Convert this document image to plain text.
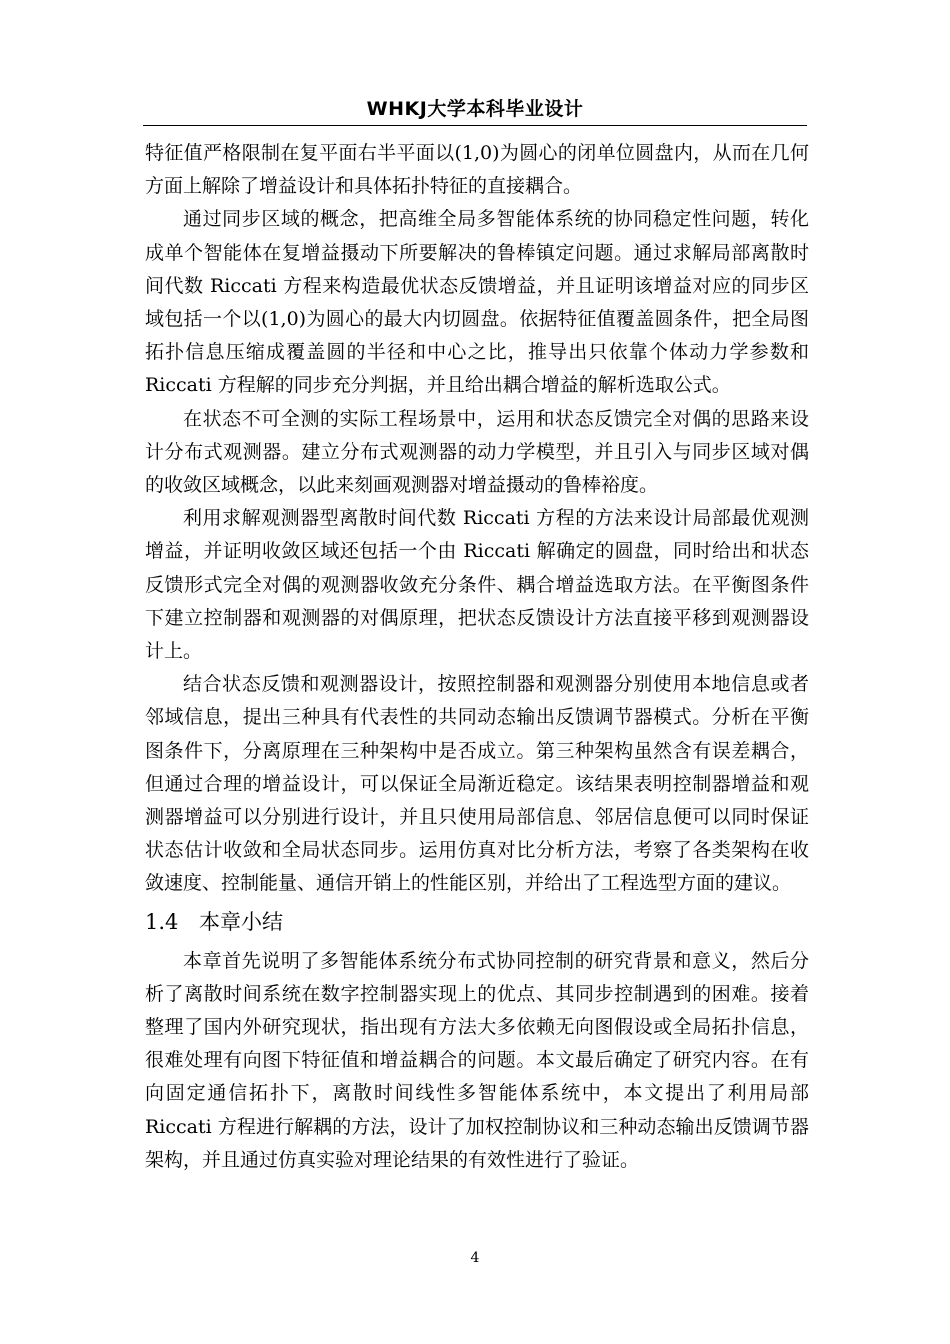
WHKJ大学本科毕业设计

特征值严格限制在复平面右半平面以(1,0)为圆心的闭单位圆盘内，从而在几何方面上解除了增益设计和具体拓扑特征的直接耦合。

通过同步区域的概念，把高维全局多智能体系统的协同稳定性问题，转化成单个智能体在复增益摄动下所要解决的鲁棒镇定问题。通过求解局部离散时间代数 Riccati 方程来构造最优状态反馈增益，并且证明该增益对应的同步区域包括一个以(1,0)为圆心的最大内切圆盘。依据特征值覆盖圆条件，把全局图拓扑信息压缩成覆盖圆的半径和中心之比，推导出只依靠个体动力学参数和 Riccati 方程解的同步充分判据，并且给出耦合增益的解析选取公式。

在状态不可全测的实际工程场景中，运用和状态反馈完全对偶的思路来设计分布式观测器。建立分布式观测器的动力学模型，并且引入与同步区域对偶的收敛区域概念，以此来刻画观测器对增益摄动的鲁棒裕度。

利用求解观测器型离散时间代数 Riccati 方程的方法来设计局部最优观测增益，并证明收敛区域还包括一个由 Riccati 解确定的圆盘，同时给出和状态反馈形式完全对偶的观测器收敛充分条件、耦合增益选取方法。在平衡图条件下建立控制器和观测器的对偶原理，把状态反馈设计方法直接平移到观测器设计上。

结合状态反馈和观测器设计，按照控制器和观测器分别使用本地信息或者邻域信息，提出三种具有代表性的共同动态输出反馈调节器模式。分析在平衡图条件下，分离原理在三种架构中是否成立。第三种架构虽然含有误差耦合，但通过合理的增益设计，可以保证全局渐近稳定。该结果表明控制器增益和观测器增益可以分别进行设计，并且只使用局部信息、邻居信息便可以同时保证状态估计收敛和全局状态同步。运用仿真对比分析方法，考察了各类架构在收敛速度、控制能量、通信开销上的性能区别，并给出了工程选型方面的建议。

1.4 本章小结

本章首先说明了多智能体系统分布式协同控制的研究背景和意义，然后分析了离散时间系统在数字控制器实现上的优点、其同步控制遇到的困难。接着整理了国内外研究现状，指出现有方法大多依赖无向图假设或全局拓扑信息，很难处理有向图下特征值和增益耦合的问题。本文最后确定了研究内容。在有向固定通信拓扑下，离散时间线性多智能体系统中，本文提出了利用局部 Riccati 方程进行解耦的方法，设计了加权控制协议和三种动态输出反馈调节器架构，并且通过仿真实验对理论结果的有效性进行了验证。

4
